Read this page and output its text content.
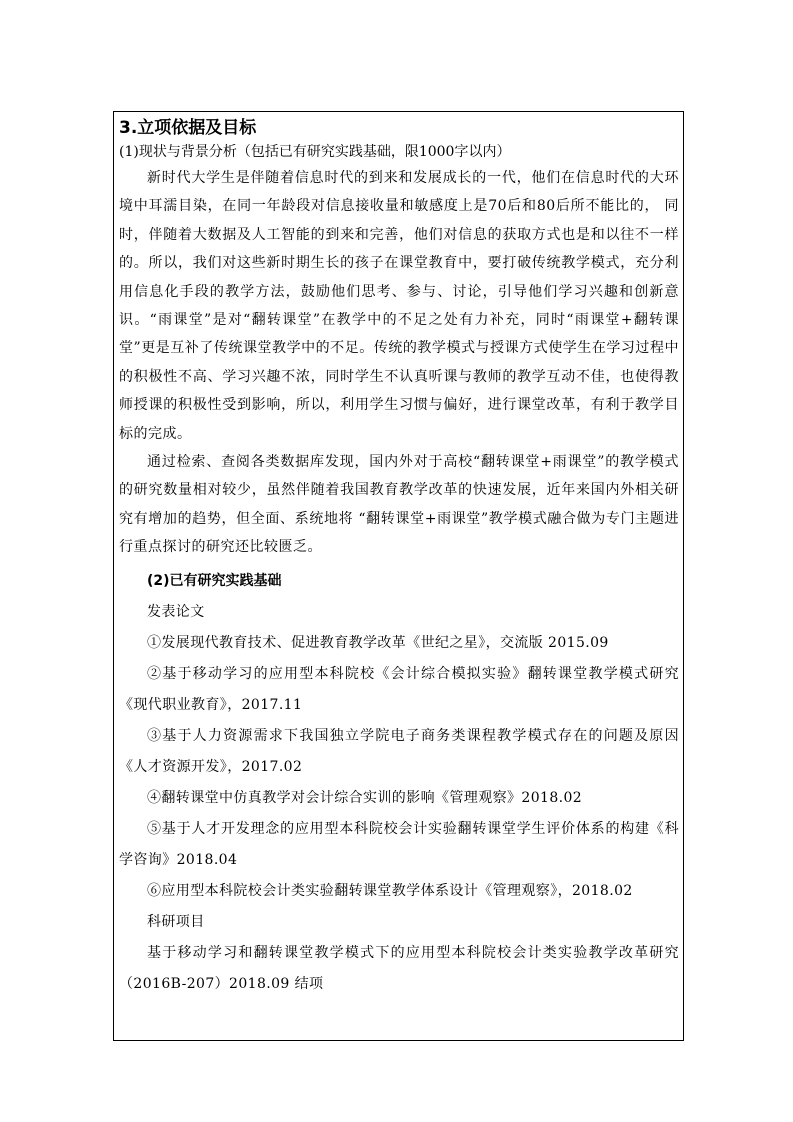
3.立项依据及目标

(1)现状与背景分析（包括已有研究实践基础，限1000字以内）

新时代大学生是伴随着信息时代的到来和发展成长的一代，他们在信息时代的大环境中耳濡目染，在同一年龄段对信息接收量和敏感度上是70后和80后所不能比的， 同时，伴随着大数据及人工智能的到来和完善，他们对信息的获取方式也是和以往不一样的。所以，我们对这些新时期生长的孩子在课堂教育中，要打破传统教学模式，充分利用信息化手段的教学方法，鼓励他们思考、参与、讨论，引导他们学习兴趣和创新意识。“雨课堂”是对“翻转课堂”在教学中的不足之处有力补充，同时“雨课堂+翻转课堂”更是互补了传统课堂教学中的不足。传统的教学模式与授课方式使学生在学习过程中的积极性不高、学习兴趣不浓，同时学生不认真听课与教师的教学互动不佳，也使得教师授课的积极性受到影响，所以，利用学生习惯与偏好，进行课堂改革，有利于教学目标的完成。

通过检索、查阅各类数据库发现，国内外对于高校“翻转课堂+雨课堂”的教学模式的研究数量相对较少，虽然伴随着我国教育教学改革的快速发展，近年来国内外相关研究有增加的趋势，但全面、系统地将 “翻转课堂+雨课堂”教学模式融合做为专门主题进行重点探讨的研究还比较匮乏。

(2)已有研究实践基础

发表论文

①发展现代教育技术、促进教育教学改革《世纪之星》，交流版 2015.09

②基于移动学习的应用型本科院校《会计综合模拟实验》翻转课堂教学模式研究《现代职业教育》，2017.11

③基于人力资源需求下我国独立学院电子商务类课程教学模式存在的问题及原因《人才资源开发》，2017.02

④翻转课堂中仿真教学对会计综合实训的影响《管理观察》2018.02

⑤基于人才开发理念的应用型本科院校会计实验翻转课堂学生评价体系的构建《科学咨询》2018.04

⑥应用型本科院校会计类实验翻转课堂教学体系设计《管理观察》，2018.02

科研项目

基于移动学习和翻转课堂教学模式下的应用型本科院校会计类实验教学改革研究（2016B-207）2018.09 结项
